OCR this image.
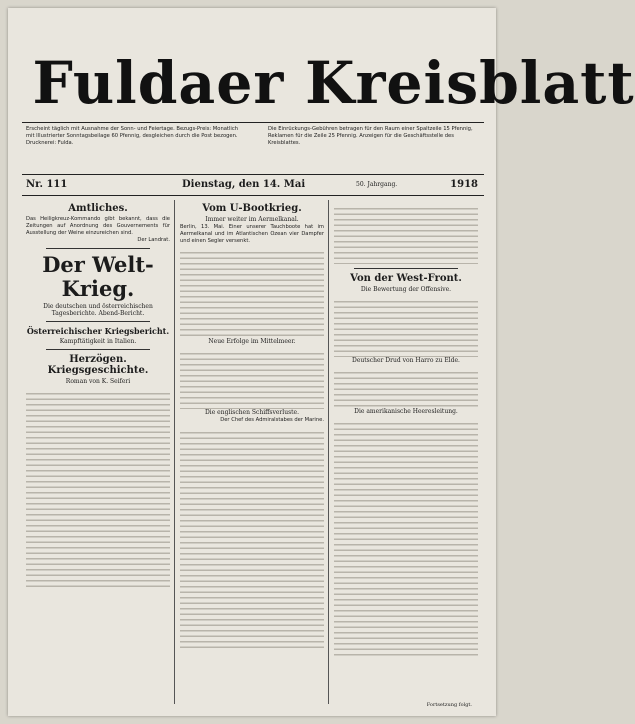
Fuldaer Kreisblatt
Erscheint täglich mit Ausnahme der Sonn- und Feiertage. Bezugs-Preis: Monatlich mit Illustrierter Sonntagsbeilage 60 Pfennig, desgleichen durch die Post bezogen. Drucknerei: Fulda.
Die Einrückungs-Gebühren betragen für den Raum einer Spaltzeile 15 Pfennig, Reklamen für die Zeile 25 Pfennig. Anzeigen für die Geschäftsstelle des Kreisblattes.
Nr. 111	Dienstag, den 14. Mai	50. Jahrgang.	1918
Amtliches.
Das Heiligkreuz-Kommando gibt bekannt, dass die Zeitungen auf Anordnung des Gouvernements für Ausstellung der Weine einzureichen sind.
Der Landrat.
Der Welt-Krieg.
Die deutschen und österreichischen Tagesberichte. Abend-Bericht.
Österreichischer Kriegsbericht.
Kampftätigkeit in Italien.
Herzögen. Kriegsgeschichte.
Roman von K. Seiferi
Vom U-Bootkrieg.
Immer weiter im Aermelkanal.
Berlin, 13. Mai. Einer unserer Tauchboote hat im Aermelkanal und im Atlantischen Ozean vier Dampfer und einen Segler versenkt.
Neue Erfolge im Mittelmeer.
Die englischen Schiffsverluste.
Der Chef des Admiralstabes der Marine.
Von der West-Front.
Die Bewertung der Offensive.
Deutscher Drud von Harro zu Elde.
Die amerikanische Heeresleitung.
Fortsetzung folgt.
